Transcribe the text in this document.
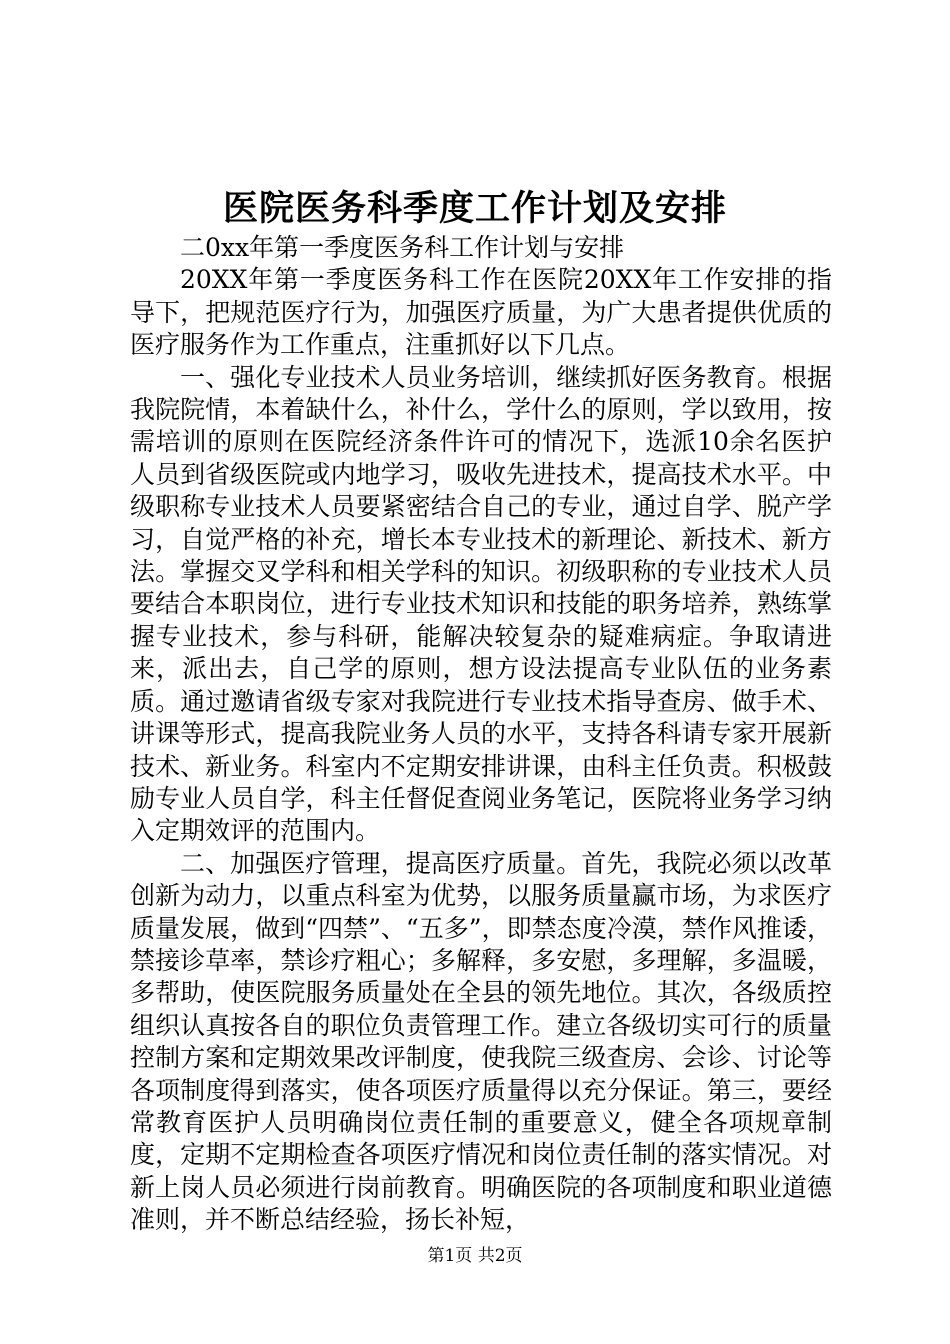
医院医务科季度工作计划及安排

二0xx年第一季度医务科工作计划与安排

20XX年第一季度医务科工作在医院20XX年工作安排的指导下，把规范医疗行为，加强医疗质量，为广大患者提供优质的医疗服务作为工作重点，注重抓好以下几点。

一、强化专业技术人员业务培训，继续抓好医务教育。根据我院院情，本着缺什么，补什么，学什么的原则，学以致用，按需培训的原则在医院经济条件许可的情况下，选派10余名医护人员到省级医院或内地学习，吸收先进技术，提高技术水平。中级职称专业技术人员要紧密结合自己的专业，通过自学、脱产学习，自觉严格的补充，增长本专业技术的新理论、新技术、新方法。掌握交叉学科和相关学科的知识。初级职称的专业技术人员要结合本职岗位，进行专业技术知识和技能的职务培养，熟练掌握专业技术，参与科研，能解决较复杂的疑难病症。争取请进来，派出去，自己学的原则，想方设法提高专业队伍的业务素质。通过邀请省级专家对我院进行专业技术指导查房、做手术、讲课等形式，提高我院业务人员的水平，支持各科请专家开展新技术、新业务。科室内不定期安排讲课，由科主任负责。积极鼓励专业人员自学，科主任督促查阅业务笔记，医院将业务学习纳入定期效评的范围内。

二、加强医疗管理，提高医疗质量。首先，我院必须以改革创新为动力，以重点科室为优势，以服务质量赢市场，为求医疗质量发展，做到“四禁”、“五多”，即禁态度冷漠，禁作风推诿，禁接诊草率，禁诊疗粗心；多解释，多安慰，多理解，多温暖，多帮助，使医院服务质量处在全县的领先地位。其次，各级质控组织认真按各自的职位负责管理工作。建立各级切实可行的质量控制方案和定期效果改评制度，使我院三级查房、会诊、讨论等各项制度得到落实，使各项医疗质量得以充分保证。第三，要经常教育医护人员明确岗位责任制的重要意义，健全各项规章制度，定期不定期检查各项医疗情况和岗位责任制的落实情况。对新上岗人员必须进行岗前教育。明确医院的各项制度和职业道德准则，并不断总结经验，扬长补短，

第1页 共2页
